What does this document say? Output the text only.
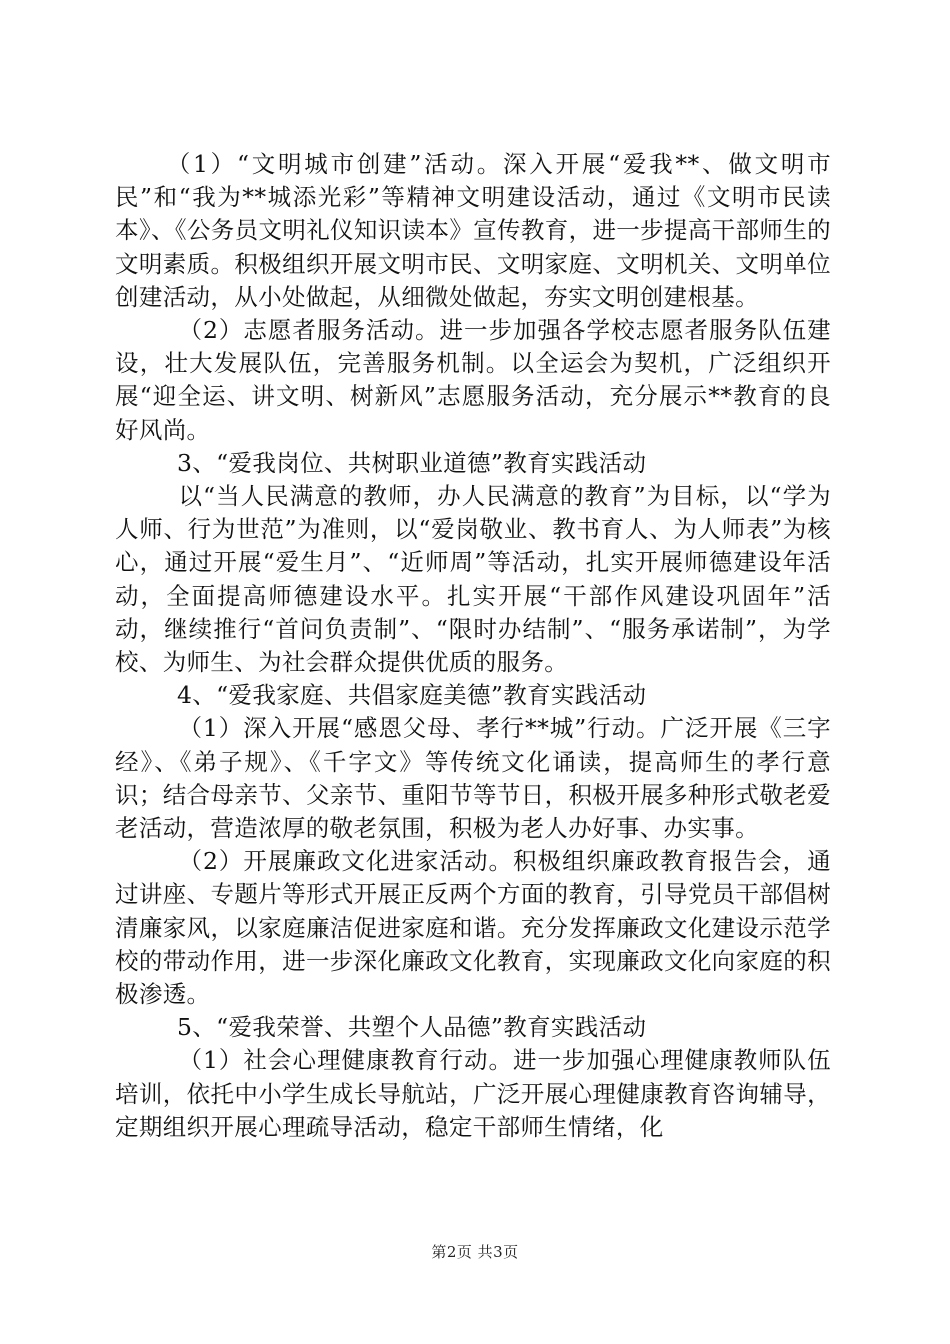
（1）“文明城市创建”活动。深入开展“爱我**、做文明市民”和“我为**城添光彩”等精神文明建设活动，通过《文明市民读本》、《公务员文明礼仪知识读本》宣传教育，进一步提高干部师生的文明素质。积极组织开展文明市民、文明家庭、文明机关、文明单位创建活动，从小处做起，从细微处做起，夯实文明创建根基。

（2）志愿者服务活动。进一步加强各学校志愿者服务队伍建设，壮大发展队伍，完善服务机制。以全运会为契机，广泛组织开展“迎全运、讲文明、树新风”志愿服务活动，充分展示**教育的良好风尚。

3、“爱我岗位、共树职业道德”教育实践活动

以“当人民满意的教师，办人民满意的教育”为目标，以“学为人师、行为世范”为准则，以“爱岗敬业、教书育人、为人师表”为核心，通过开展“爱生月”、“近师周”等活动，扎实开展师德建设年活动，全面提高师德建设水平。扎实开展“干部作风建设巩固年”活动，继续推行“首问负责制”、“限时办结制”、“服务承诺制”，为学校、为师生、为社会群众提供优质的服务。

4、“爱我家庭、共倡家庭美德”教育实践活动

（1）深入开展“感恩父母、孝行**城”行动。广泛开展《三字经》、《弟子规》、《千字文》等传统文化诵读，提高师生的孝行意识；结合母亲节、父亲节、重阳节等节日，积极开展多种形式敬老爱老活动，营造浓厚的敬老氛围，积极为老人办好事、办实事。

（2）开展廉政文化进家活动。积极组织廉政教育报告会，通过讲座、专题片等形式开展正反两个方面的教育，引导党员干部倡树清廉家风，以家庭廉洁促进家庭和谐。充分发挥廉政文化建设示范学校的带动作用，进一步深化廉政文化教育，实现廉政文化向家庭的积极渗透。

5、“爱我荣誉、共塑个人品德”教育实践活动

（1）社会心理健康教育行动。进一步加强心理健康教师队伍培训，依托中小学生成长导航站，广泛开展心理健康教育咨询辅导，定期组织开展心理疏导活动，稳定干部师生情绪，化

第2页 共3页
